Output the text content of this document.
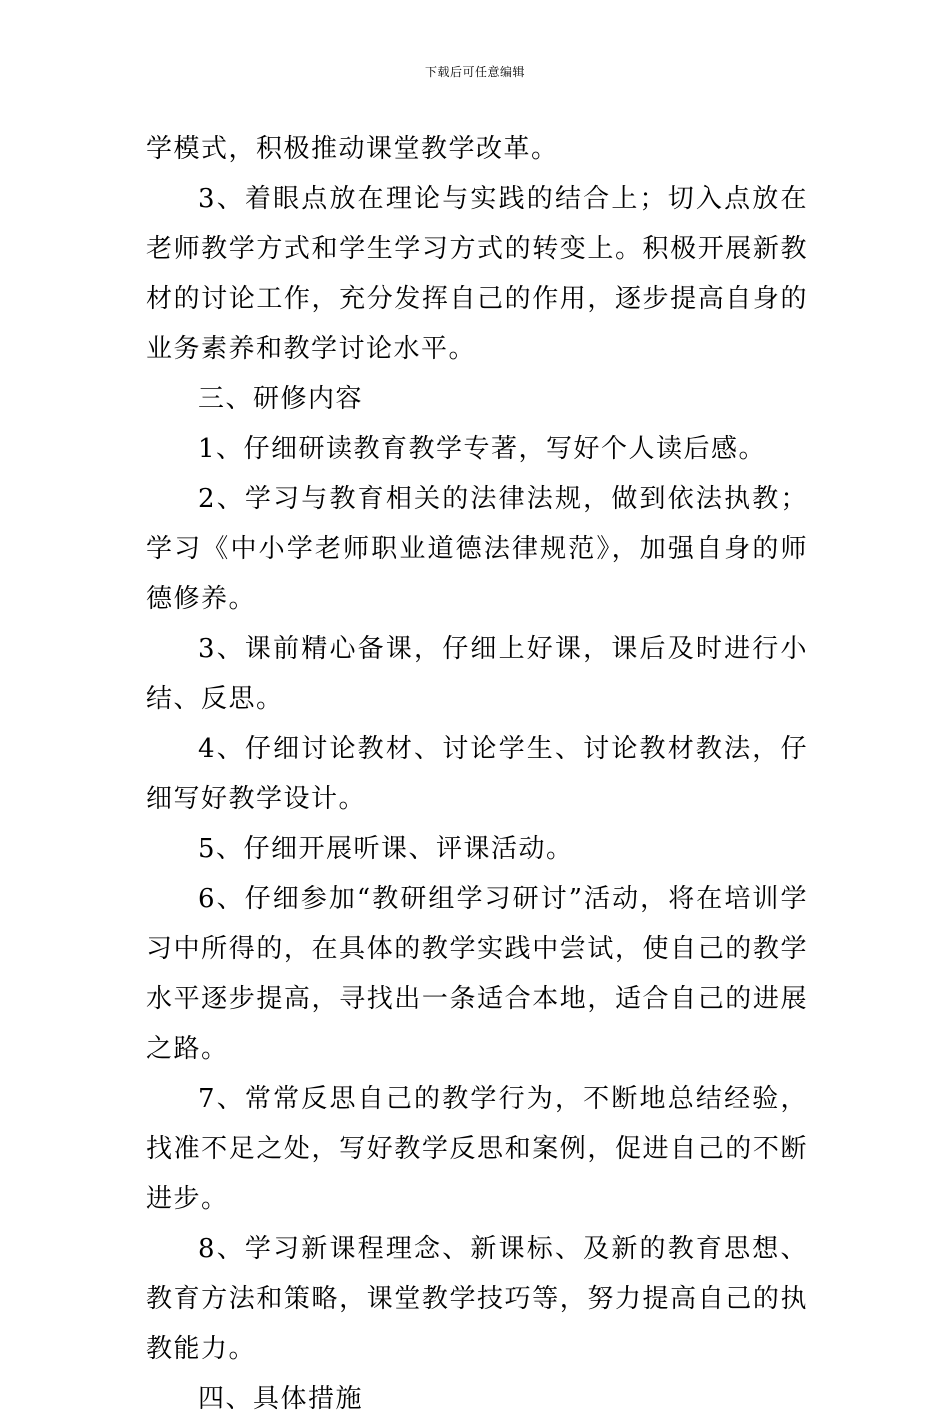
下载后可任意编辑

学模式，积极推动课堂教学改革。

3、着眼点放在理论与实践的结合上；切入点放在老师教学方式和学生学习方式的转变上。积极开展新教材的讨论工作，充分发挥自己的作用，逐步提高自身的业务素养和教学讨论水平。

三、研修内容

1、仔细研读教育教学专著，写好个人读后感。

2、学习与教育相关的法律法规，做到依法执教；学习《中小学老师职业道德法律规范》，加强自身的师德修养。

3、课前精心备课，仔细上好课，课后及时进行小结、反思。

4、仔细讨论教材、讨论学生、讨论教材教法，仔细写好教学设计。

5、仔细开展听课、评课活动。

6、仔细参加“教研组学习研讨”活动，将在培训学习中所得的，在具体的教学实践中尝试，使自己的教学水平逐步提高，寻找出一条适合本地，适合自己的进展之路。

7、常常反思自己的教学行为，不断地总结经验，找准不足之处，写好教学反思和案例，促进自己的不断进步。

8、学习新课程理念、新课标、及新的教育思想、教育方法和策略，课堂教学技巧等，努力提高自己的执教能力。

四、具体措施
